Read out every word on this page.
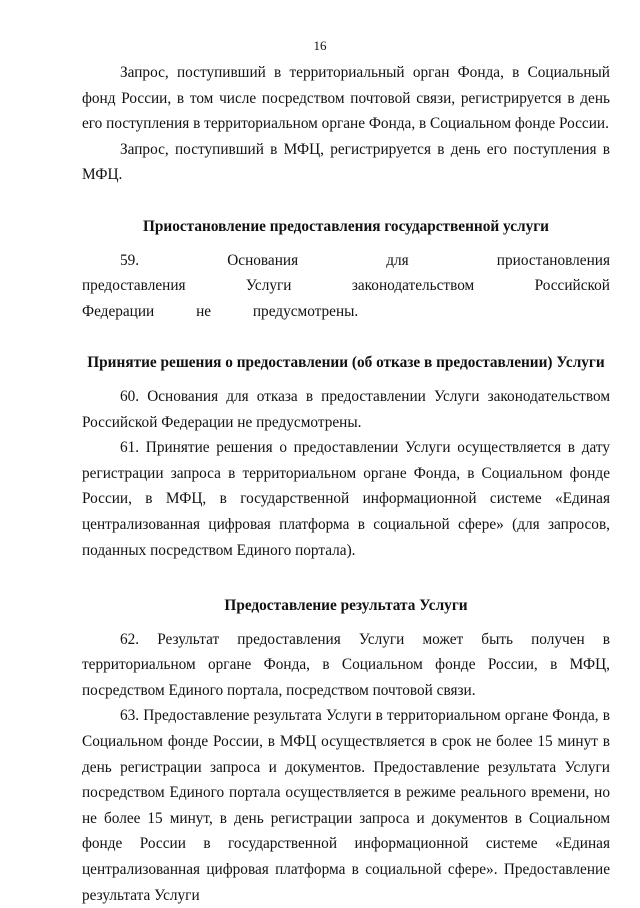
16

Запрос, поступивший в территориальный орган Фонда, в Социальный фонд России, в том числе посредством почтовой связи, регистрируется в день его поступления в территориальном органе Фонда, в Социальном фонде России.

Запрос, поступивший в МФЦ, регистрируется в день его поступления в МФЦ.

Приостановление предоставления государственной услуги

59. Основания для приостановления предоставления Услуги законодательством Российской Федерации не предусмотрены.

Принятие решения о предоставлении (об отказе в предоставлении) Услуги

60. Основания для отказа в предоставлении Услуги законодательством Российской Федерации не предусмотрены.

61. Принятие решения о предоставлении Услуги осуществляется в дату регистрации запроса в территориальном органе Фонда, в Социальном фонде России, в МФЦ, в государственной информационной системе «Единая централизованная цифровая платформа в социальной сфере» (для запросов, поданных посредством Единого портала).

Предоставление результата Услуги

62. Результат предоставления Услуги может быть получен в территориальном органе Фонда, в Социальном фонде России, в МФЦ, посредством Единого портала, посредством почтовой связи.

63. Предоставление результата Услуги в территориальном органе Фонда, в Социальном фонде России, в МФЦ осуществляется в срок не более 15 минут в день регистрации запроса и документов. Предоставление результата Услуги посредством Единого портала осуществляется в режиме реального времени, но не более 15 минут, в день регистрации запроса и документов в Социальном фонде России в государственной информационной системе «Единая централизованная цифровая платформа в социальной сфере». Предоставление результата Услуги
